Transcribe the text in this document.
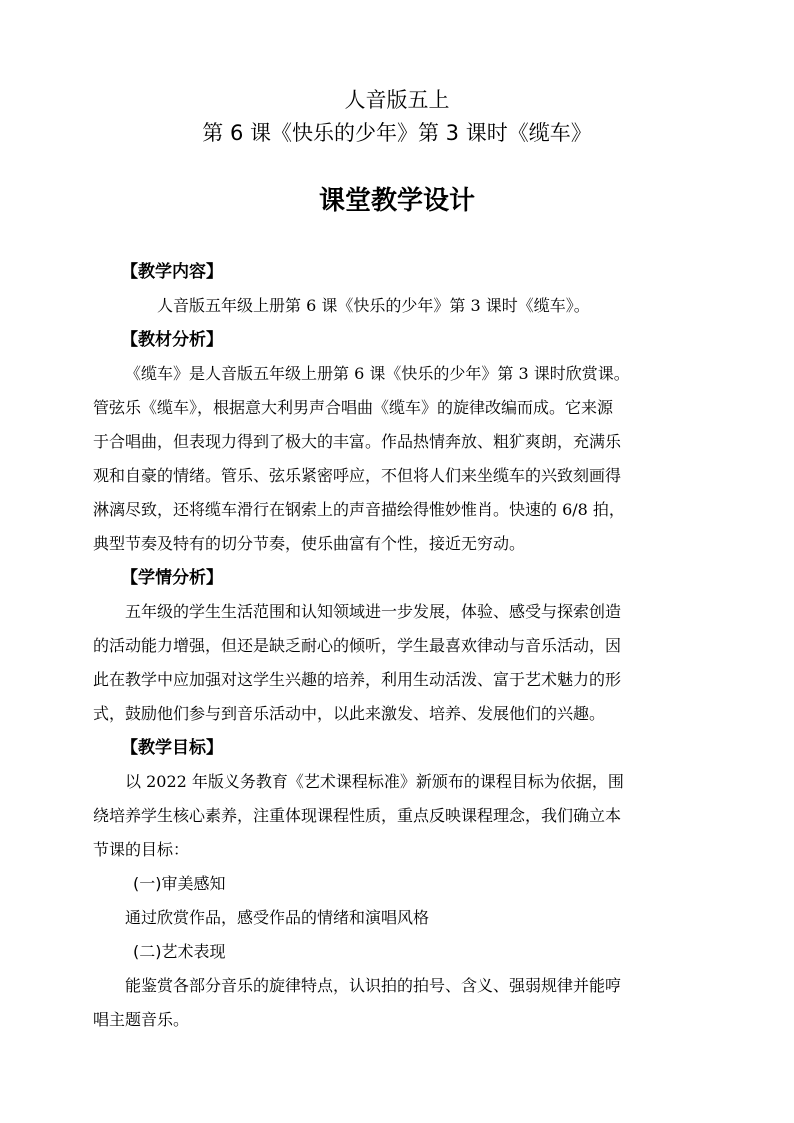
人音版五上
第 6 课《快乐的少年》第 3 课时《缆车》
课堂教学设计
【教学内容】

人音版五年级上册第 6 课《快乐的少年》第 3 课时《缆车》。

【教材分析】

《缆车》是人音版五年级上册第 6 课《快乐的少年》第 3 课时欣赏课。
管弦乐《缆车》，根据意大利男声合唱曲《缆车》的旋律改编而成。它来源
于合唱曲，但表现力得到了极大的丰富。作品热情奔放、粗犷爽朗，充满乐
观和自豪的情绪。管乐、弦乐紧密呼应，不但将人们来坐缆车的兴致刻画得
淋漓尽致，还将缆车滑行在钢索上的声音描绘得惟妙惟肖。快速的 6/8 拍，
典型节奏及特有的切分节奏，使乐曲富有个性，接近无穷动。

【学情分析】

五年级的学生生活范围和认知领域进一步发展，体验、感受与探索创造
的活动能力增强，但还是缺乏耐心的倾听，学生最喜欢律动与音乐活动，因
此在教学中应加强对这学生兴趣的培养，利用生动活泼、富于艺术魅力的形
式，鼓励他们参与到音乐活动中，以此来激发、培养、发展他们的兴趣。

【教学目标】

以 2022 年版义务教育《艺术课程标准》新颁布的课程目标为依据，围
绕培养学生核心素养，注重体现课程性质，重点反映课程理念，我们确立本
节课的目标：

(一)审美感知

通过欣赏作品，感受作品的情绪和演唱风格

(二)艺术表现

能鉴赏各部分音乐的旋律特点，认识拍的拍号、含义、强弱规律并能哼
唱主题音乐。
